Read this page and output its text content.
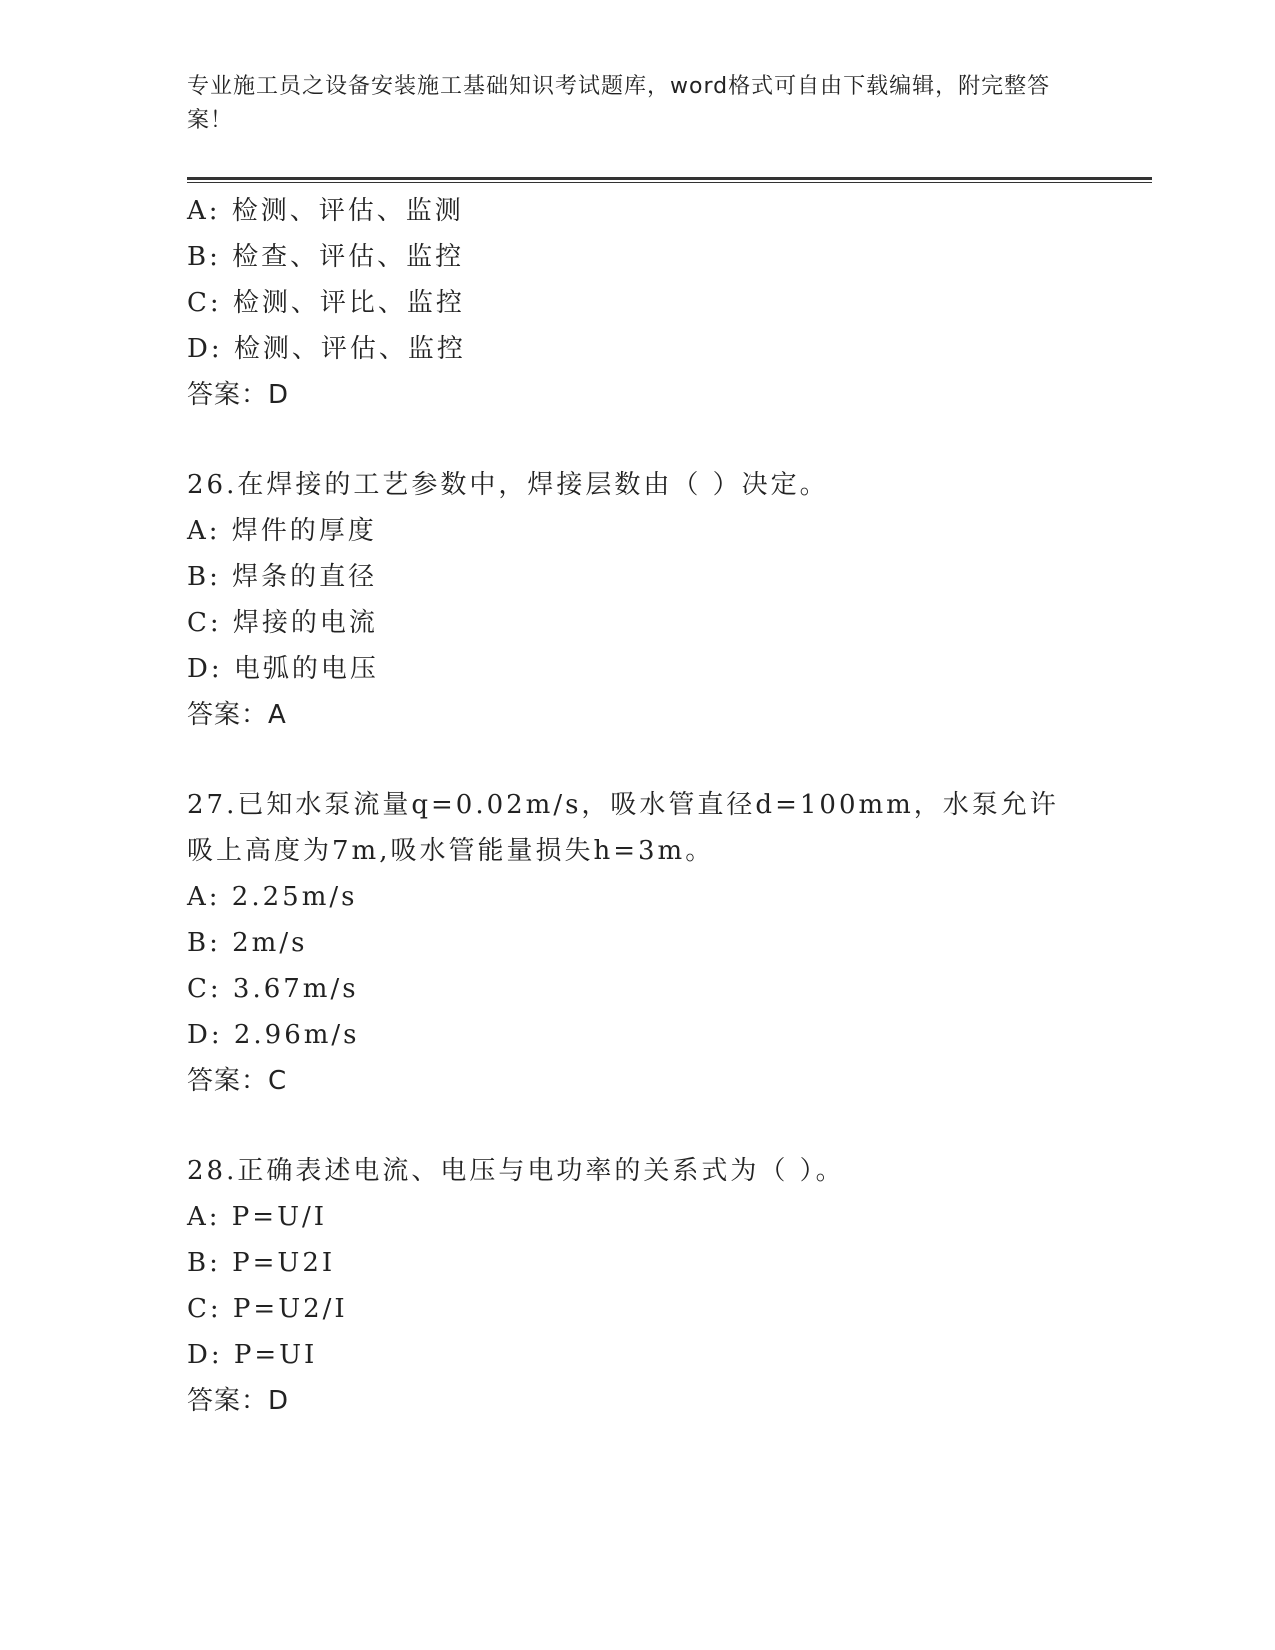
专业施工员之设备安装施工基础知识考试题库，word格式可自由下载编辑，附完整答案！
A: 检测、评估、监测
B: 检查、评估、监控
C: 检测、评比、监控
D: 检测、评估、监控
答案：D
26.在焊接的工艺参数中，焊接层数由（ ）决定。
A: 焊件的厚度
B: 焊条的直径
C: 焊接的电流
D: 电弧的电压
答案：A
27.已知水泵流量q=0.02m/s，吸水管直径d=100mm，水泵允许吸上高度为7m,吸水管能量损失h=3m。
A: 2.25m/s
B: 2m/s
C: 3.67m/s
D: 2.96m/s
答案：C
28.正确表述电流、电压与电功率的关系式为（ ）。
A: P=U/I
B: P=U2I
C: P=U2/I
D: P=UI
答案：D
